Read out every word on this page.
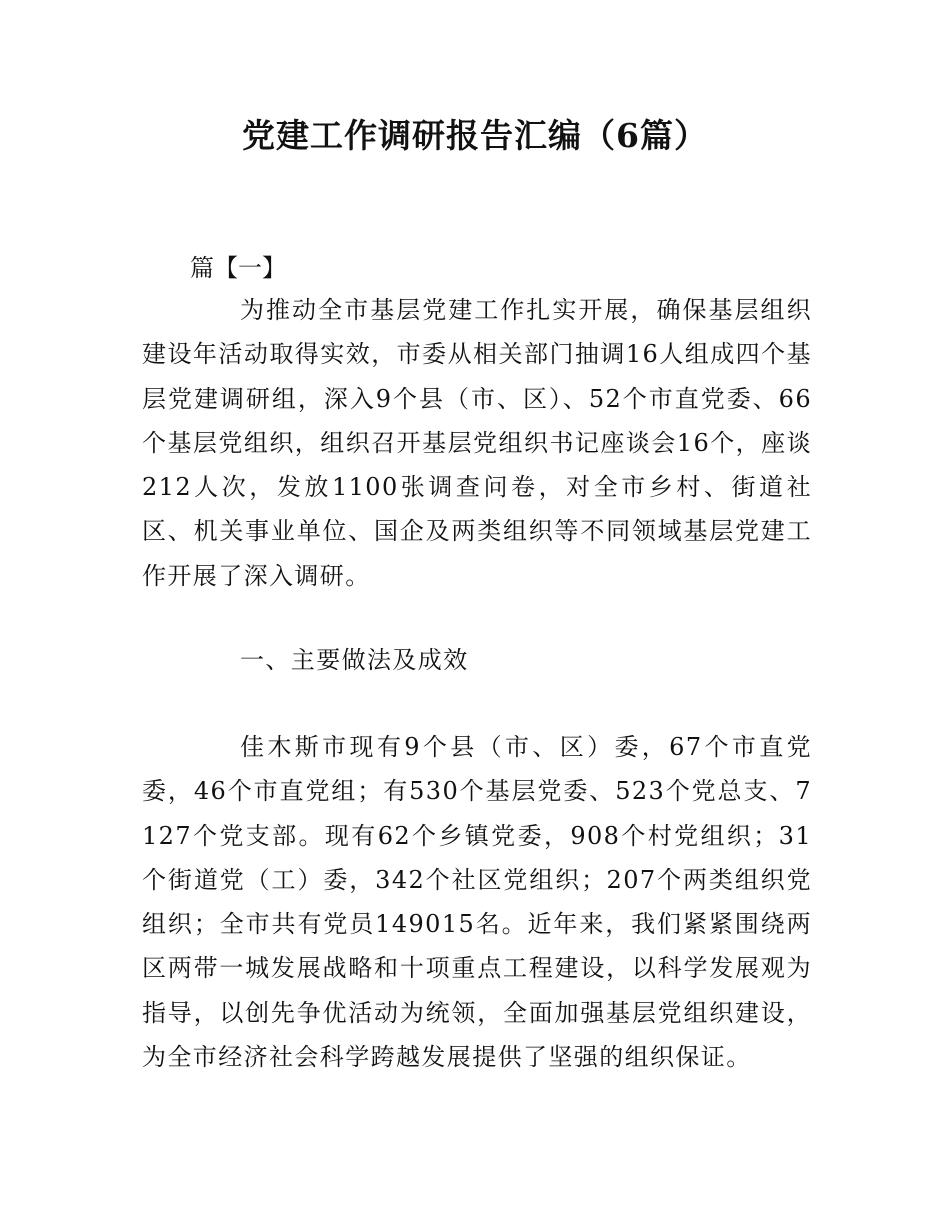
党建工作调研报告汇编（6篇）

篇【一】

为推动全市基层党建工作扎实开展，确保基层组织建设年活动取得实效，市委从相关部门抽调16人组成四个基层党建调研组，深入9个县（市、区）、52个市直党委、66个基层党组织，组织召开基层党组织书记座谈会16个，座谈212人次，发放1100张调查问卷，对全市乡村、街道社区、机关事业单位、国企及两类组织等不同领域基层党建工作开展了深入调研。

一、主要做法及成效

佳木斯市现有9个县（市、区）委，67个市直党委，46个市直党组；有530个基层党委、523个党总支、7127个党支部。现有62个乡镇党委，908个村党组织；31个街道党（工）委，342个社区党组织；207个两类组织党组织；全市共有党员149015名。近年来，我们紧紧围绕两区两带一城发展战略和十项重点工程建设，以科学发展观为指导，以创先争优活动为统领，全面加强基层党组织建设，为全市经济社会科学跨越发展提供了坚强的组织保证。
